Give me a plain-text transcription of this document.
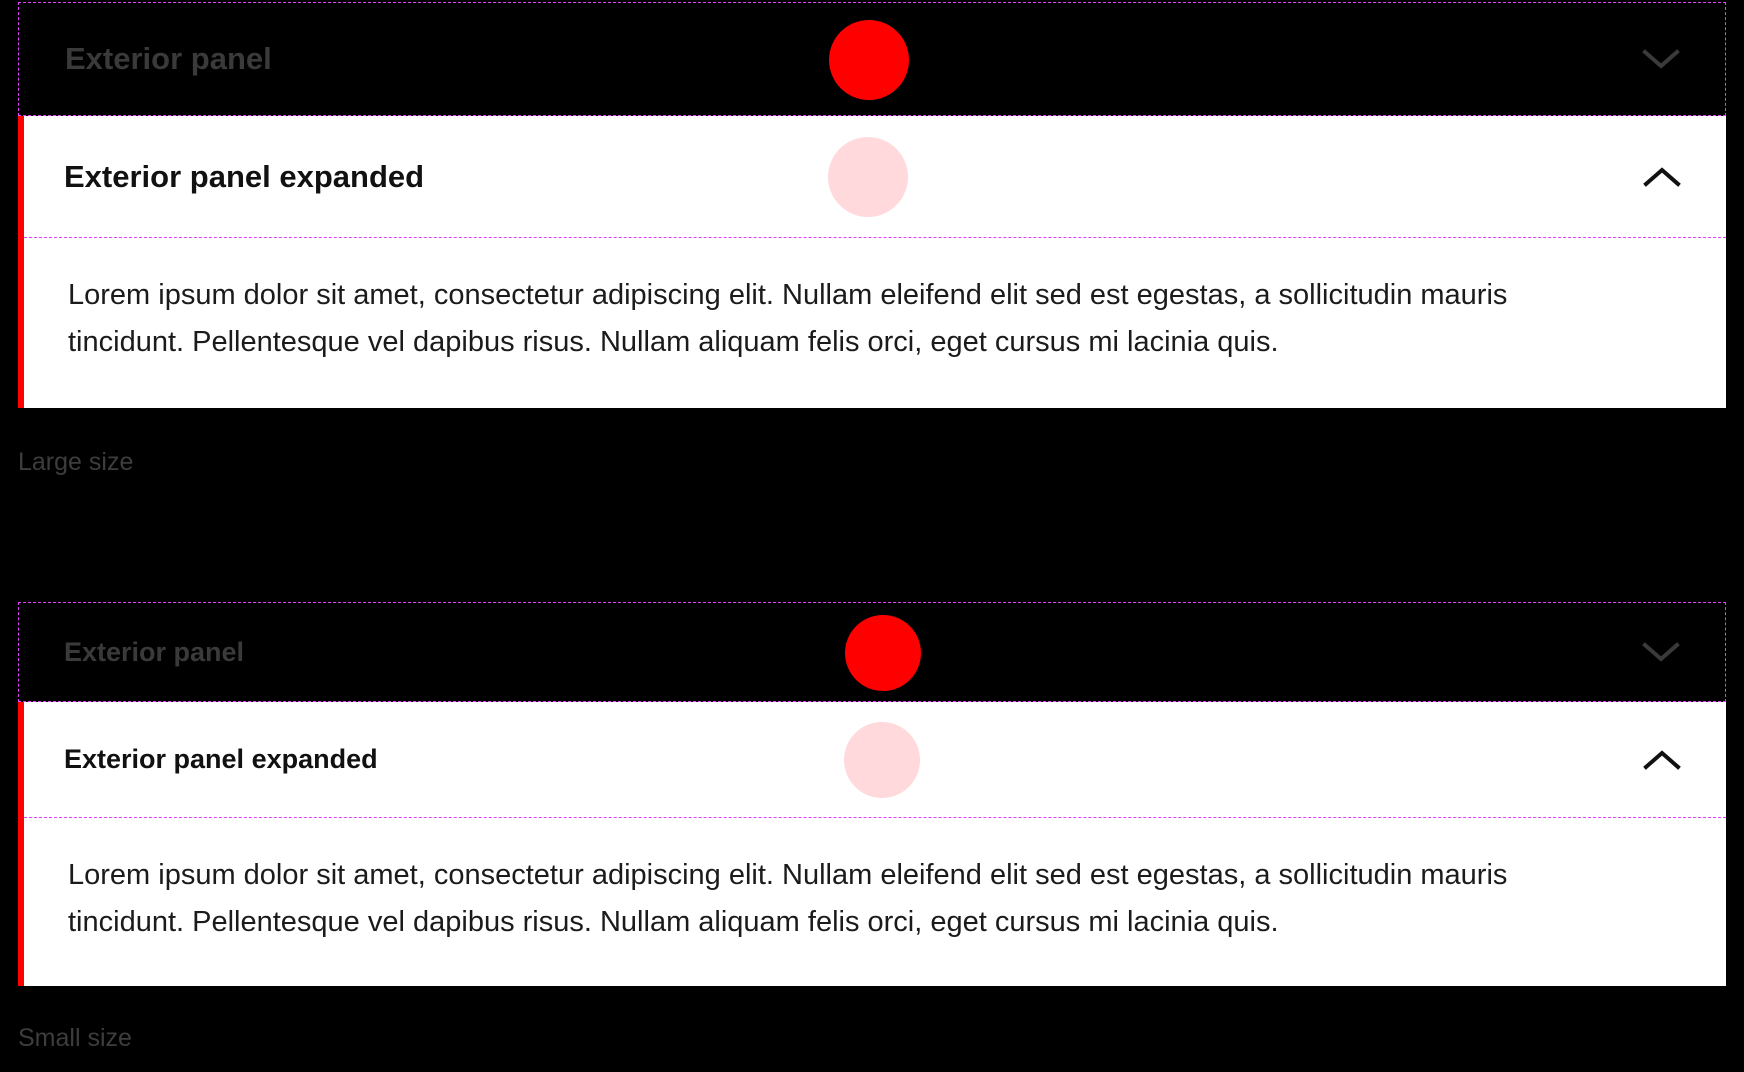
Exterior panel
Exterior panel expanded

Lorem ipsum dolor sit amet, consectetur adipiscing elit. Nullam eleifend elit sed est egestas, a sollicitudin mauris tincidunt. Pellentesque vel dapibus risus. Nullam aliquam felis orci, eget cursus mi lacinia quis.

Large size
Exterior panel
Exterior panel expanded

Lorem ipsum dolor sit amet, consectetur adipiscing elit. Nullam eleifend elit sed est egestas, a sollicitudin mauris tincidunt. Pellentesque vel dapibus risus. Nullam aliquam felis orci, eget cursus mi lacinia quis.

Small size
